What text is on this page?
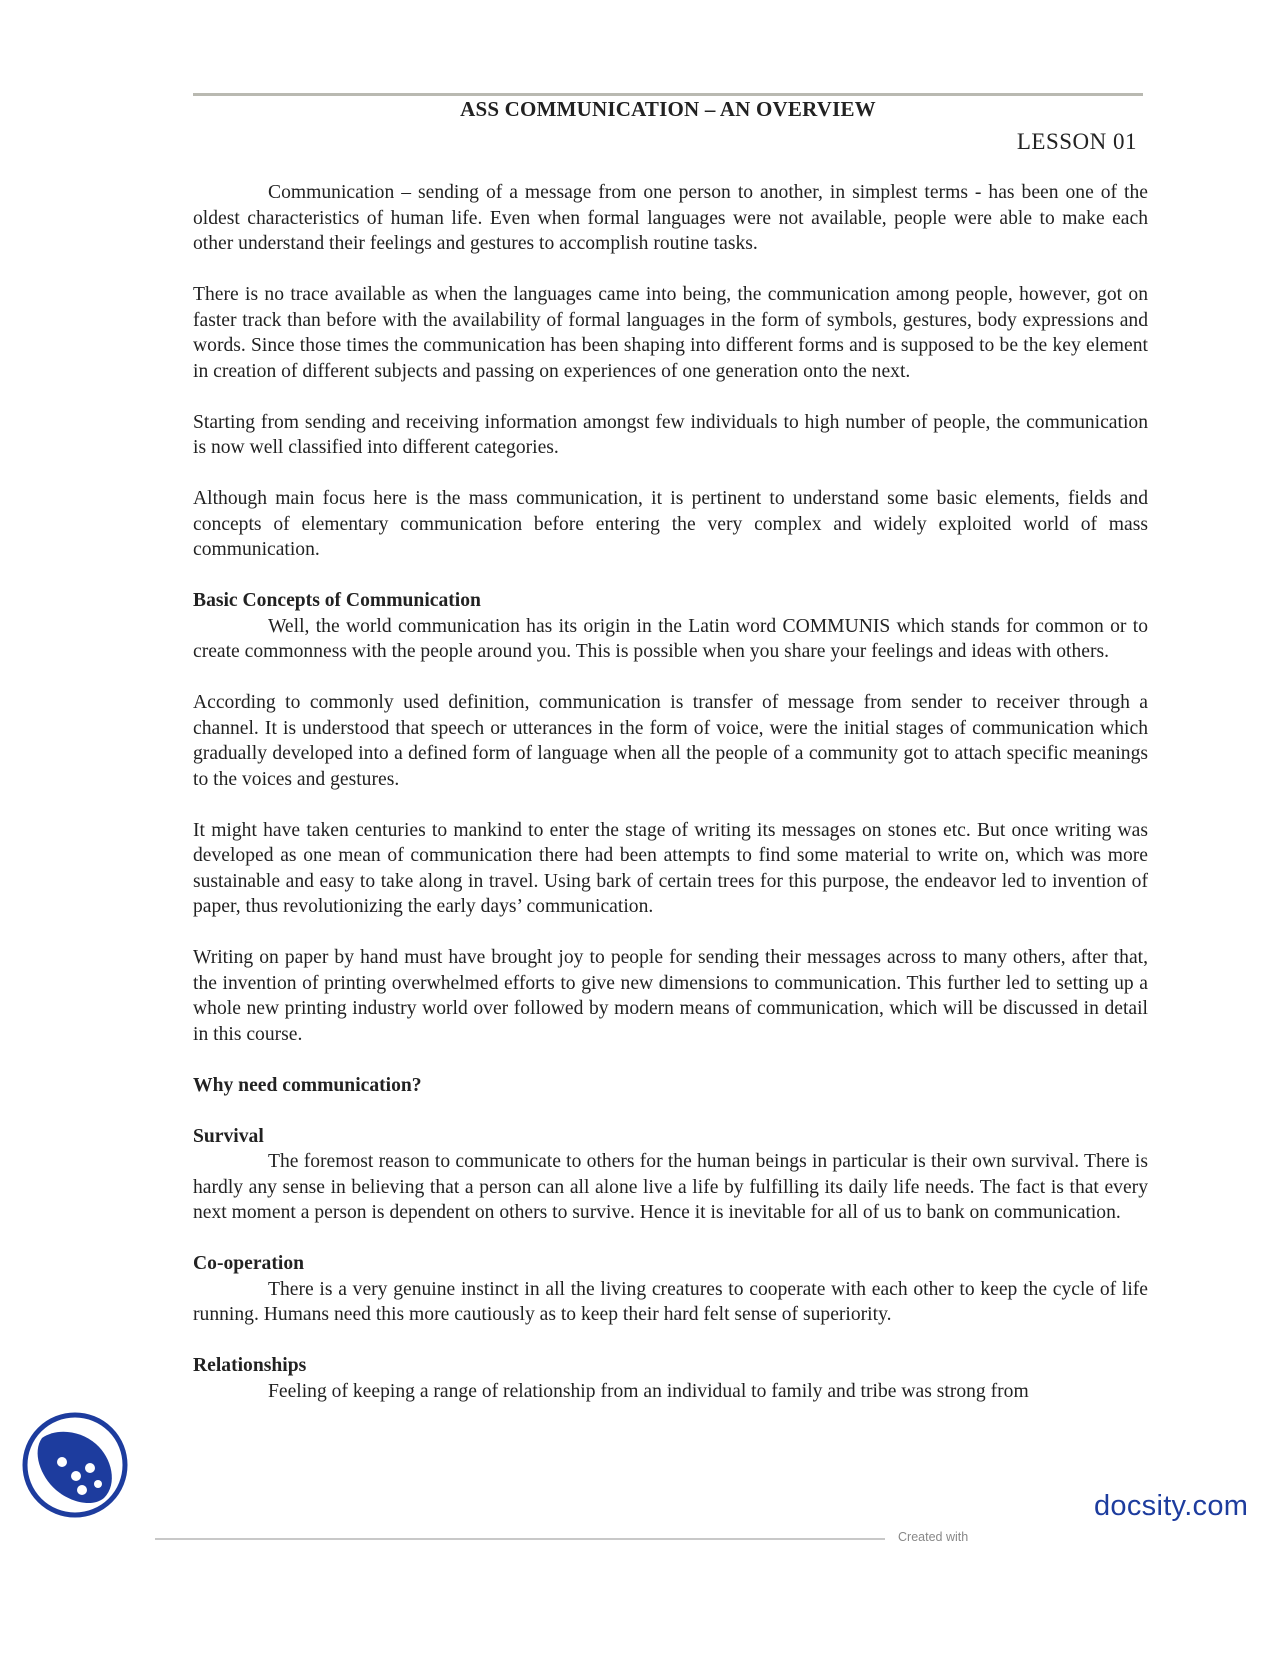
ASS COMMUNICATION – AN OVERVIEW
LESSON 01

Communication – sending of a message from one person to another, in simplest terms - has been one of the oldest characteristics of human life. Even when formal languages were not available, people were able to make each other understand their feelings and gestures to accomplish routine tasks.

There is no trace available as when the languages came into being, the communication among people, however, got on faster track than before with the availability of formal languages in the form of symbols, gestures, body expressions and words. Since those times the communication has been shaping into different forms and is supposed to be the key element in creation of different subjects and passing on experiences of one generation onto the next.

Starting from sending and receiving information amongst few individuals to high number of people, the communication is now well classified into different categories.

Although main focus here is the mass communication, it is pertinent to understand some basic elements, fields and concepts of elementary communication before entering the very complex and widely exploited world of mass communication.

Basic Concepts of Communication

Well, the world communication has its origin in the Latin word COMMUNIS which stands for common or to create commonness with the people around you. This is possible when you share your feelings and ideas with others.

According to commonly used definition, communication is transfer of message from sender to receiver through a channel. It is understood that speech or utterances in the form of voice, were the initial stages of communication which gradually developed into a defined form of language when all the people of a community got to attach specific meanings to the voices and gestures.

It might have taken centuries to mankind to enter the stage of writing its messages on stones etc. But once writing was developed as one mean of communication there had been attempts to find some material to write on, which was more sustainable and easy to take along in travel. Using bark of certain trees for this purpose, the endeavor led to invention of paper, thus revolutionizing the early days’ communication.

Writing on paper by hand must have brought joy to people for sending their messages across to many others, after that, the invention of printing overwhelmed efforts to give new dimensions to communication. This further led to setting up a whole new printing industry world over followed by modern means of communication, which will be discussed in detail in this course.

Why need communication?
Survival

The foremost reason to communicate to others for the human beings in particular is their own survival. There is hardly any sense in believing that a person can all alone live a life by fulfilling its daily life needs. The fact is that every next moment a person is dependent on others to survive. Hence it is inevitable for all of us to bank on communication.

Co-operation

There is a very genuine instinct in all the living creatures to cooperate with each other to keep the cycle of life running. Humans need this more cautiously as to keep their hard felt sense of superiority.

Relationships

Feeling of keeping a range of relationship from an individual to family and tribe was strong from

docsity.com
Created with
